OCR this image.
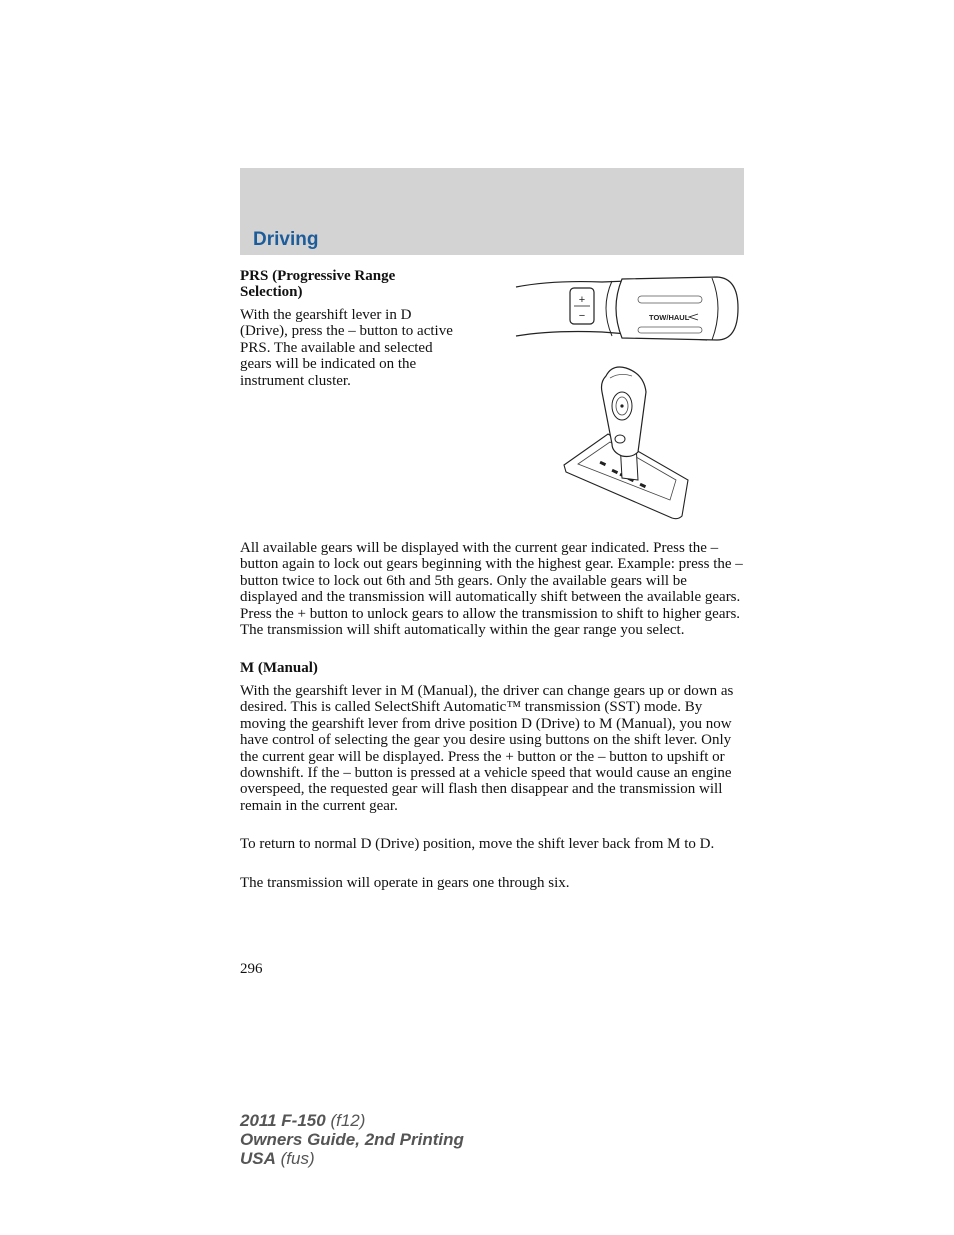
Driving
PRS (Progressive Range
Selection)
With the gearshift lever in D
(Drive), press the – button to active
PRS. The available and selected
gears will be indicated on the
instrument cluster.
+
−	TOW/HAUL

All available gears will be displayed with the current gear indicated. Press the – button again to lock out gears beginning with the highest gear. Example: press the – button twice to lock out 6th and 5th gears. Only the available gears will be displayed and the transmission will automatically shift between the available gears. Press the + button to unlock gears to allow the transmission to shift to higher gears. The transmission will shift automatically within the gear range you select.

M (Manual)

With the gearshift lever in M (Manual), the driver can change gears up or down as desired. This is called SelectShift Automatic™ transmission (SST) mode. By moving the gearshift lever from drive position D (Drive) to M (Manual), you now have control of selecting the gear you desire using buttons on the shift lever. Only the current gear will be displayed. Press the + button or the – button to upshift or downshift. If the – button is pressed at a vehicle speed that would cause an engine overspeed, the requested gear will flash then disappear and the transmission will remain in the current gear.

To return to normal D (Drive) position, move the shift lever back from M to D.

The transmission will operate in gears one through six.

296
2011 F-150 (f12)
Owners Guide, 2nd Printing
USA (fus)
